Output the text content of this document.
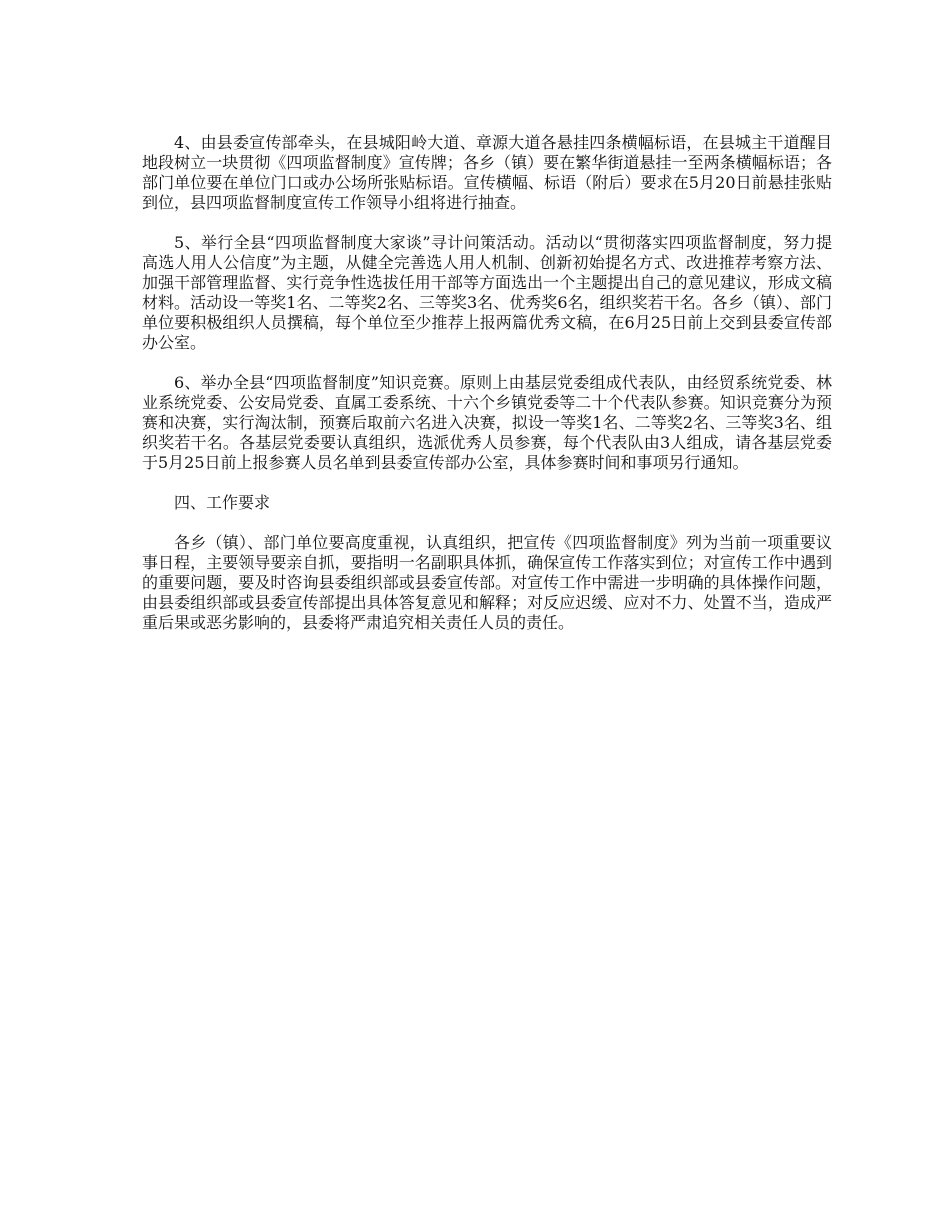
4、由县委宣传部牵头，在县城阳岭大道、章源大道各悬挂四条横幅标语，在县城主干道醒目地段树立一块贯彻《四项监督制度》宣传牌；各乡（镇）要在繁华街道悬挂一至两条横幅标语；各部门单位要在单位门口或办公场所张贴标语。宣传横幅、标语（附后）要求在5月20日前悬挂张贴到位，县四项监督制度宣传工作领导小组将进行抽查。

5、举行全县“四项监督制度大家谈”寻计问策活动。活动以“贯彻落实四项监督制度，努力提高选人用人公信度”为主题，从健全完善选人用人机制、创新初始提名方式、改进推荐考察方法、加强干部管理监督、实行竞争性选拔任用干部等方面选出一个主题提出自己的意见建议，形成文稿材料。活动设一等奖1名、二等奖2名、三等奖3名、优秀奖6名，组织奖若干名。各乡（镇）、部门单位要积极组织人员撰稿，每个单位至少推荐上报两篇优秀文稿，在6月25日前上交到县委宣传部办公室。

6、举办全县“四项监督制度”知识竞赛。原则上由基层党委组成代表队，由经贸系统党委、林业系统党委、公安局党委、直属工委系统、十六个乡镇党委等二十个代表队参赛。知识竞赛分为预赛和决赛，实行淘汰制，预赛后取前六名进入决赛，拟设一等奖1名、二等奖2名、三等奖3名、组织奖若干名。各基层党委要认真组织，选派优秀人员参赛，每个代表队由3人组成，请各基层党委于5月25日前上报参赛人员名单到县委宣传部办公室，具体参赛时间和事项另行通知。

四、工作要求

各乡（镇）、部门单位要高度重视，认真组织，把宣传《四项监督制度》列为当前一项重要议事日程，主要领导要亲自抓，要指明一名副职具体抓，确保宣传工作落实到位；对宣传工作中遇到的重要问题，要及时咨询县委组织部或县委宣传部。对宣传工作中需进一步明确的具体操作问题，由县委组织部或县委宣传部提出具体答复意见和解释；对反应迟缓、应对不力、处置不当，造成严重后果或恶劣影响的，县委将严肃追究相关责任人员的责任。
